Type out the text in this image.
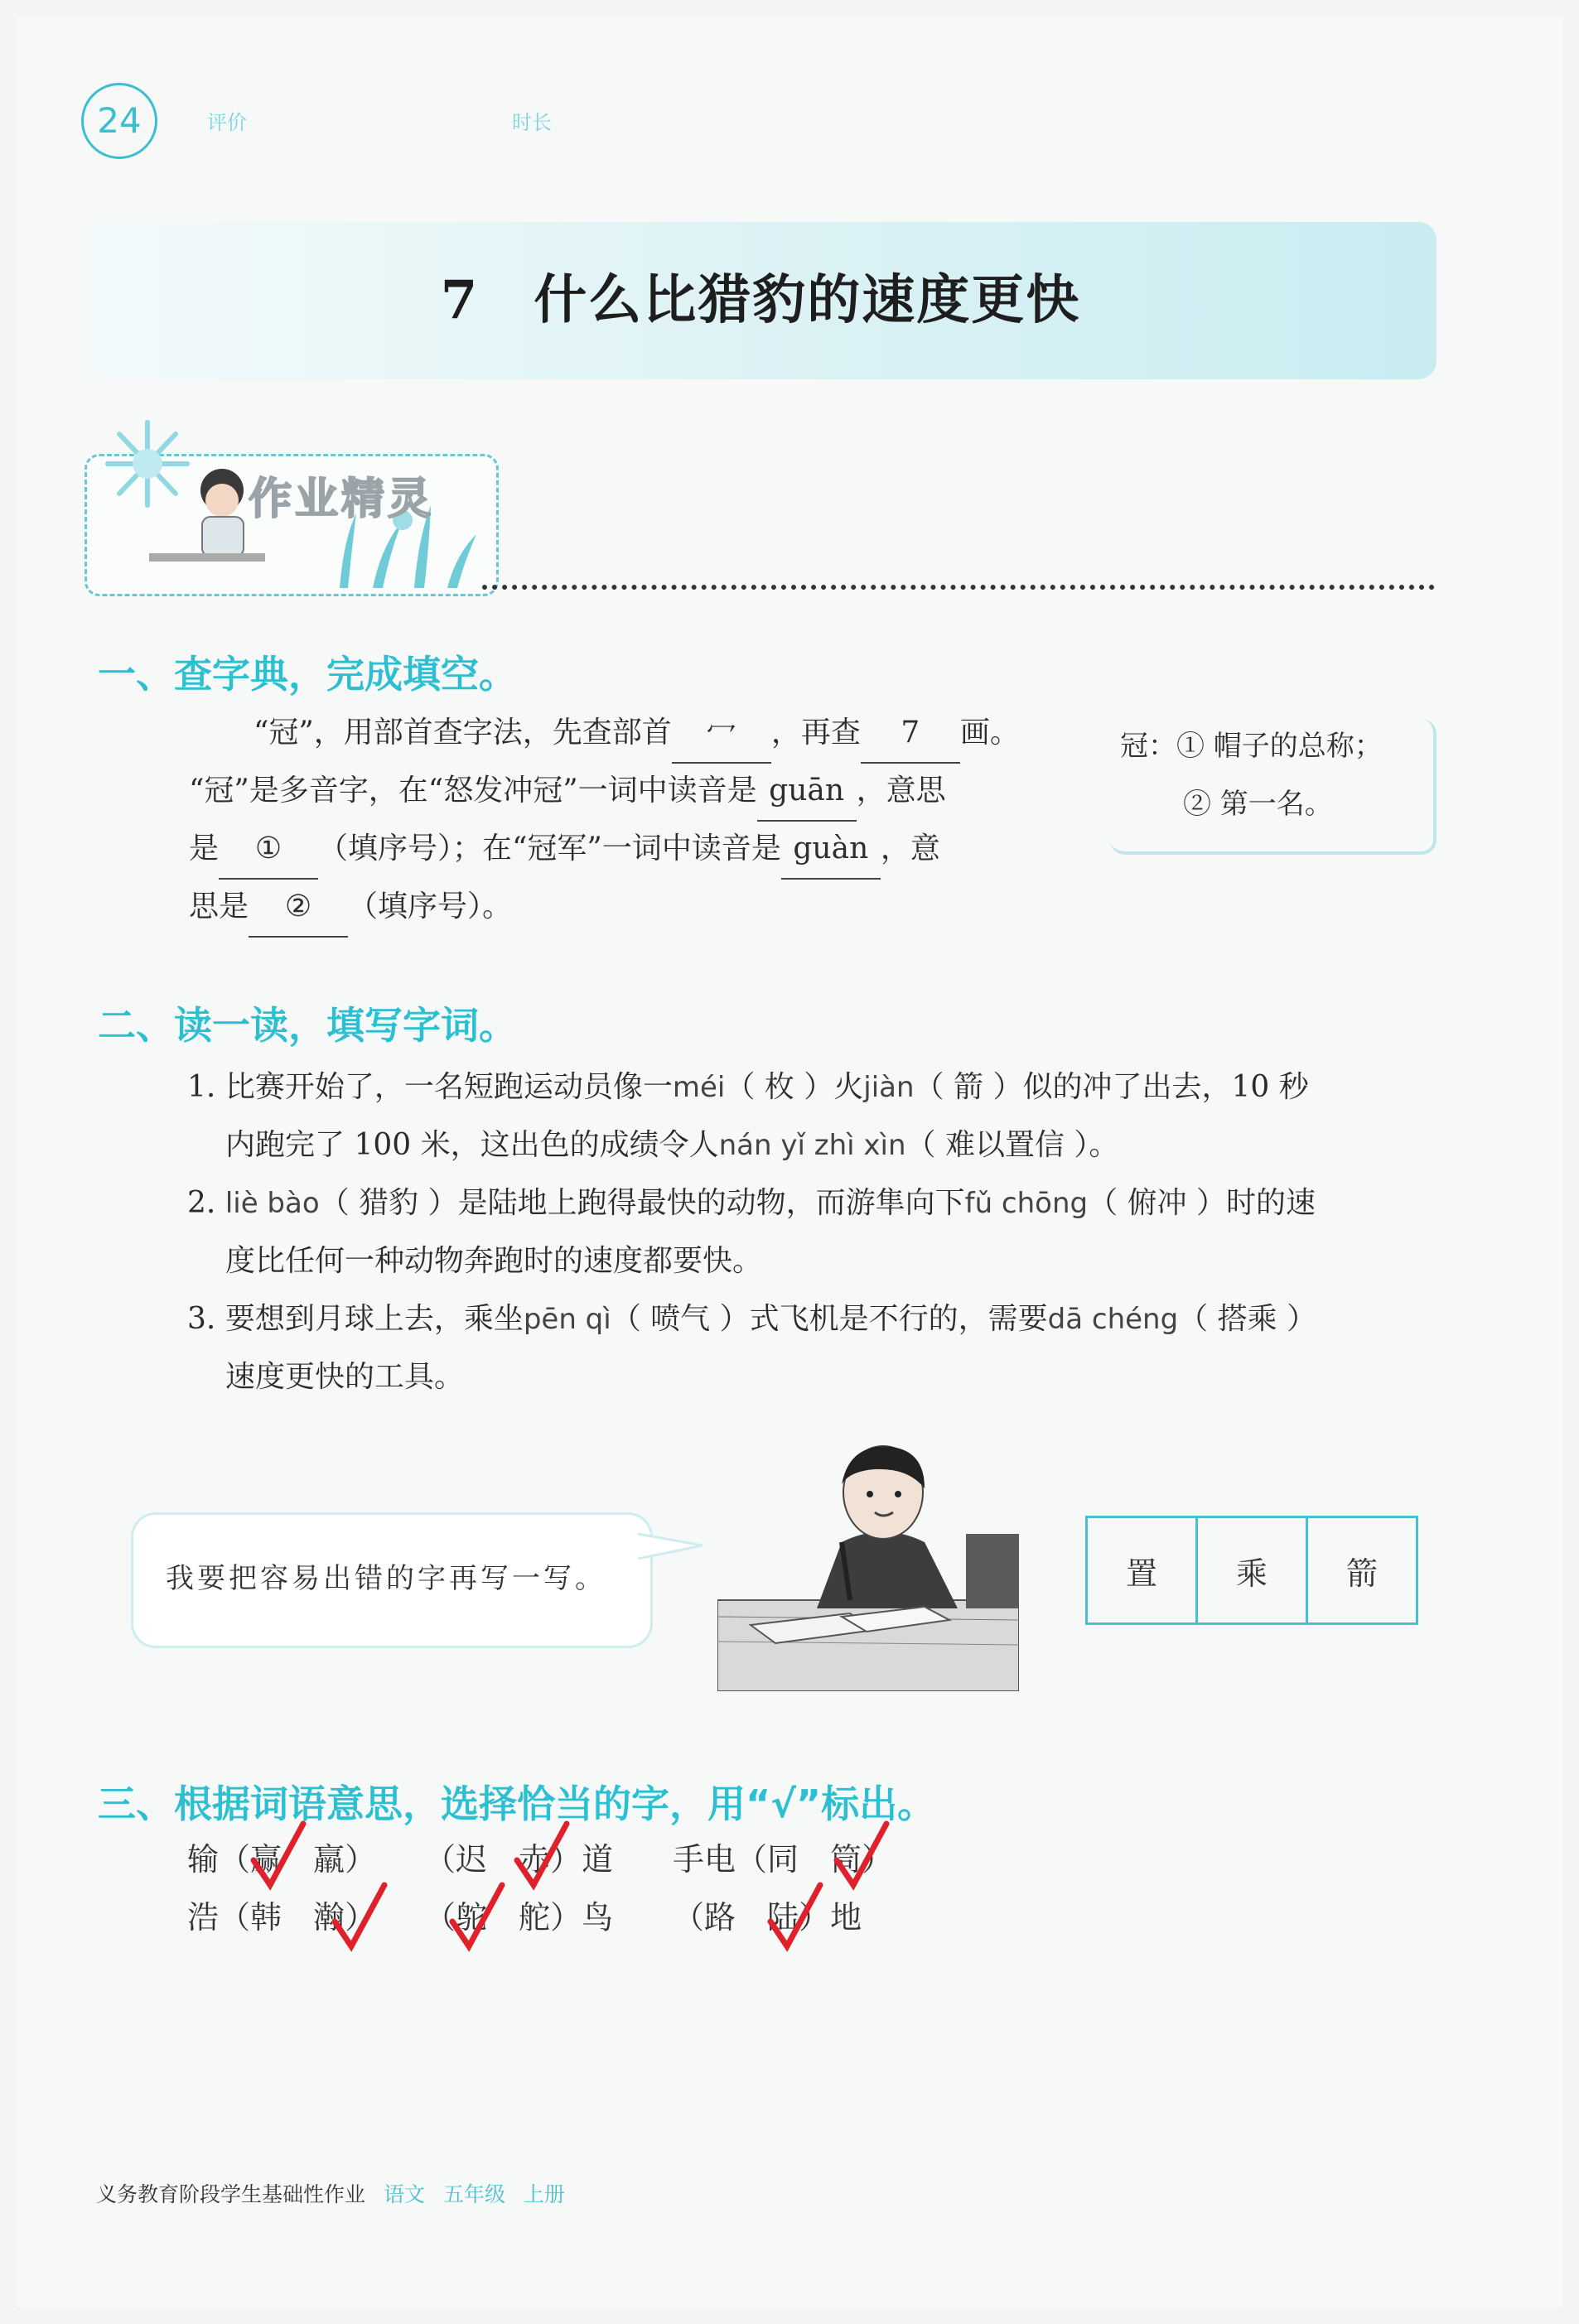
24	评价	时长
7　什么比猎豹的速度更快
作业精灵
一、查字典，完成填空。
“冠”，用部首查字法，先查部首 冖 ，再查 7 画。
“冠”是多音字，在“怒发冲冠”一词中读音是 guān ，意思
是 ① （填序号）；在“冠军”一词中读音是 guàn ，意
思是 ② （填序号）。
冠：① 帽子的总称；
② 第一名。
二、读一读，填写字词。
1. 比赛开始了，一名短跑运动员像一méi（ 枚 ）火jiàn（ 箭 ）似的冲了出去，10 秒
内跑完了 100 米，这出色的成绩令人nán yǐ zhì xìn（ 难以置信 ）。
2. liè bào（ 猎豹 ）是陆地上跑得最快的动物，而游隼向下fǔ chōng（ 俯冲 ）时的速
度比任何一种动物奔跑时的速度都要快。
3. 要想到月球上去，乘坐pēn qì（ 喷气 ）式飞机是不行的，需要dā chéng（ 搭乘 ）
速度更快的工具。
我要把容易出错的字再写一写。	置	乘	箭
三、根据词语意思，选择恰当的字，用“√”标出。
输（赢　 羸） （迟　 赤）道 手电（同　 筒）
浩（韩　 瀚） （鸵　 舵）鸟 （路　 陆）地
义务教育阶段学生基础性作业 语文 五年级 上册
